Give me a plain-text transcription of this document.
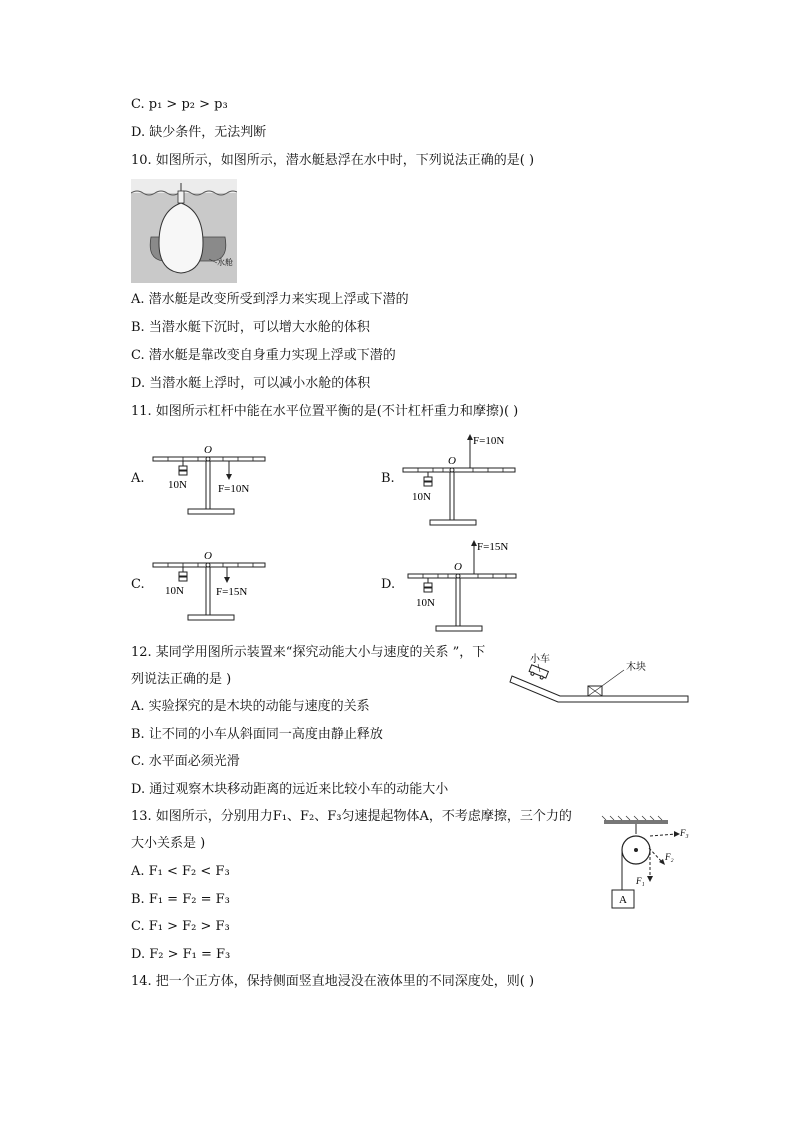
C. p₁ > p₂ > p₃
D. 缺少条件，无法判断
10. 如图所示，如图所示，潜水艇悬浮在水中时，下列说法正确的是( )
水舱
A. 潜水艇是改变所受到浮力来实现上浮或下潜的
B. 当潜水艇下沉时，可以增大水舱的体积
C. 潜水艇是靠改变自身重力实现上浮或下潜的
D. 当潜水艇上浮时，可以减小水舱的体积
11. 如图所示杠杆中能在水平位置平衡的是(不计杠杆重力和摩擦)( )
A.
O
10N	F=10N
B.
O
10N
F=10N
C.
O
10N	F=15N	D.
O
10N
F=15N
12. 某同学用图所示装置来“探究动能大小与速度的关系 ”，下
列说法正确的是 )
小车
木块
A. 实验探究的是木块的动能与速度的关系
B. 让不同的小车从斜面同一高度由静止释放
C. 水平面必须光滑
D. 通过观察木块移动距离的远近来比较小车的动能大小
13. 如图所示，分别用力F₁、F₂、F₃匀速提起物体A，不考虑摩擦，三个力的
大小关系是 )
A
F₃
F₂
F₁
A. F₁ < F₂ < F₃
B. F₁ = F₂ = F₃
C. F₁ > F₂ > F₃
D. F₂ > F₁ = F₃
14. 把一个正方体，保持侧面竖直地浸没在液体里的不同深度处，则( )
